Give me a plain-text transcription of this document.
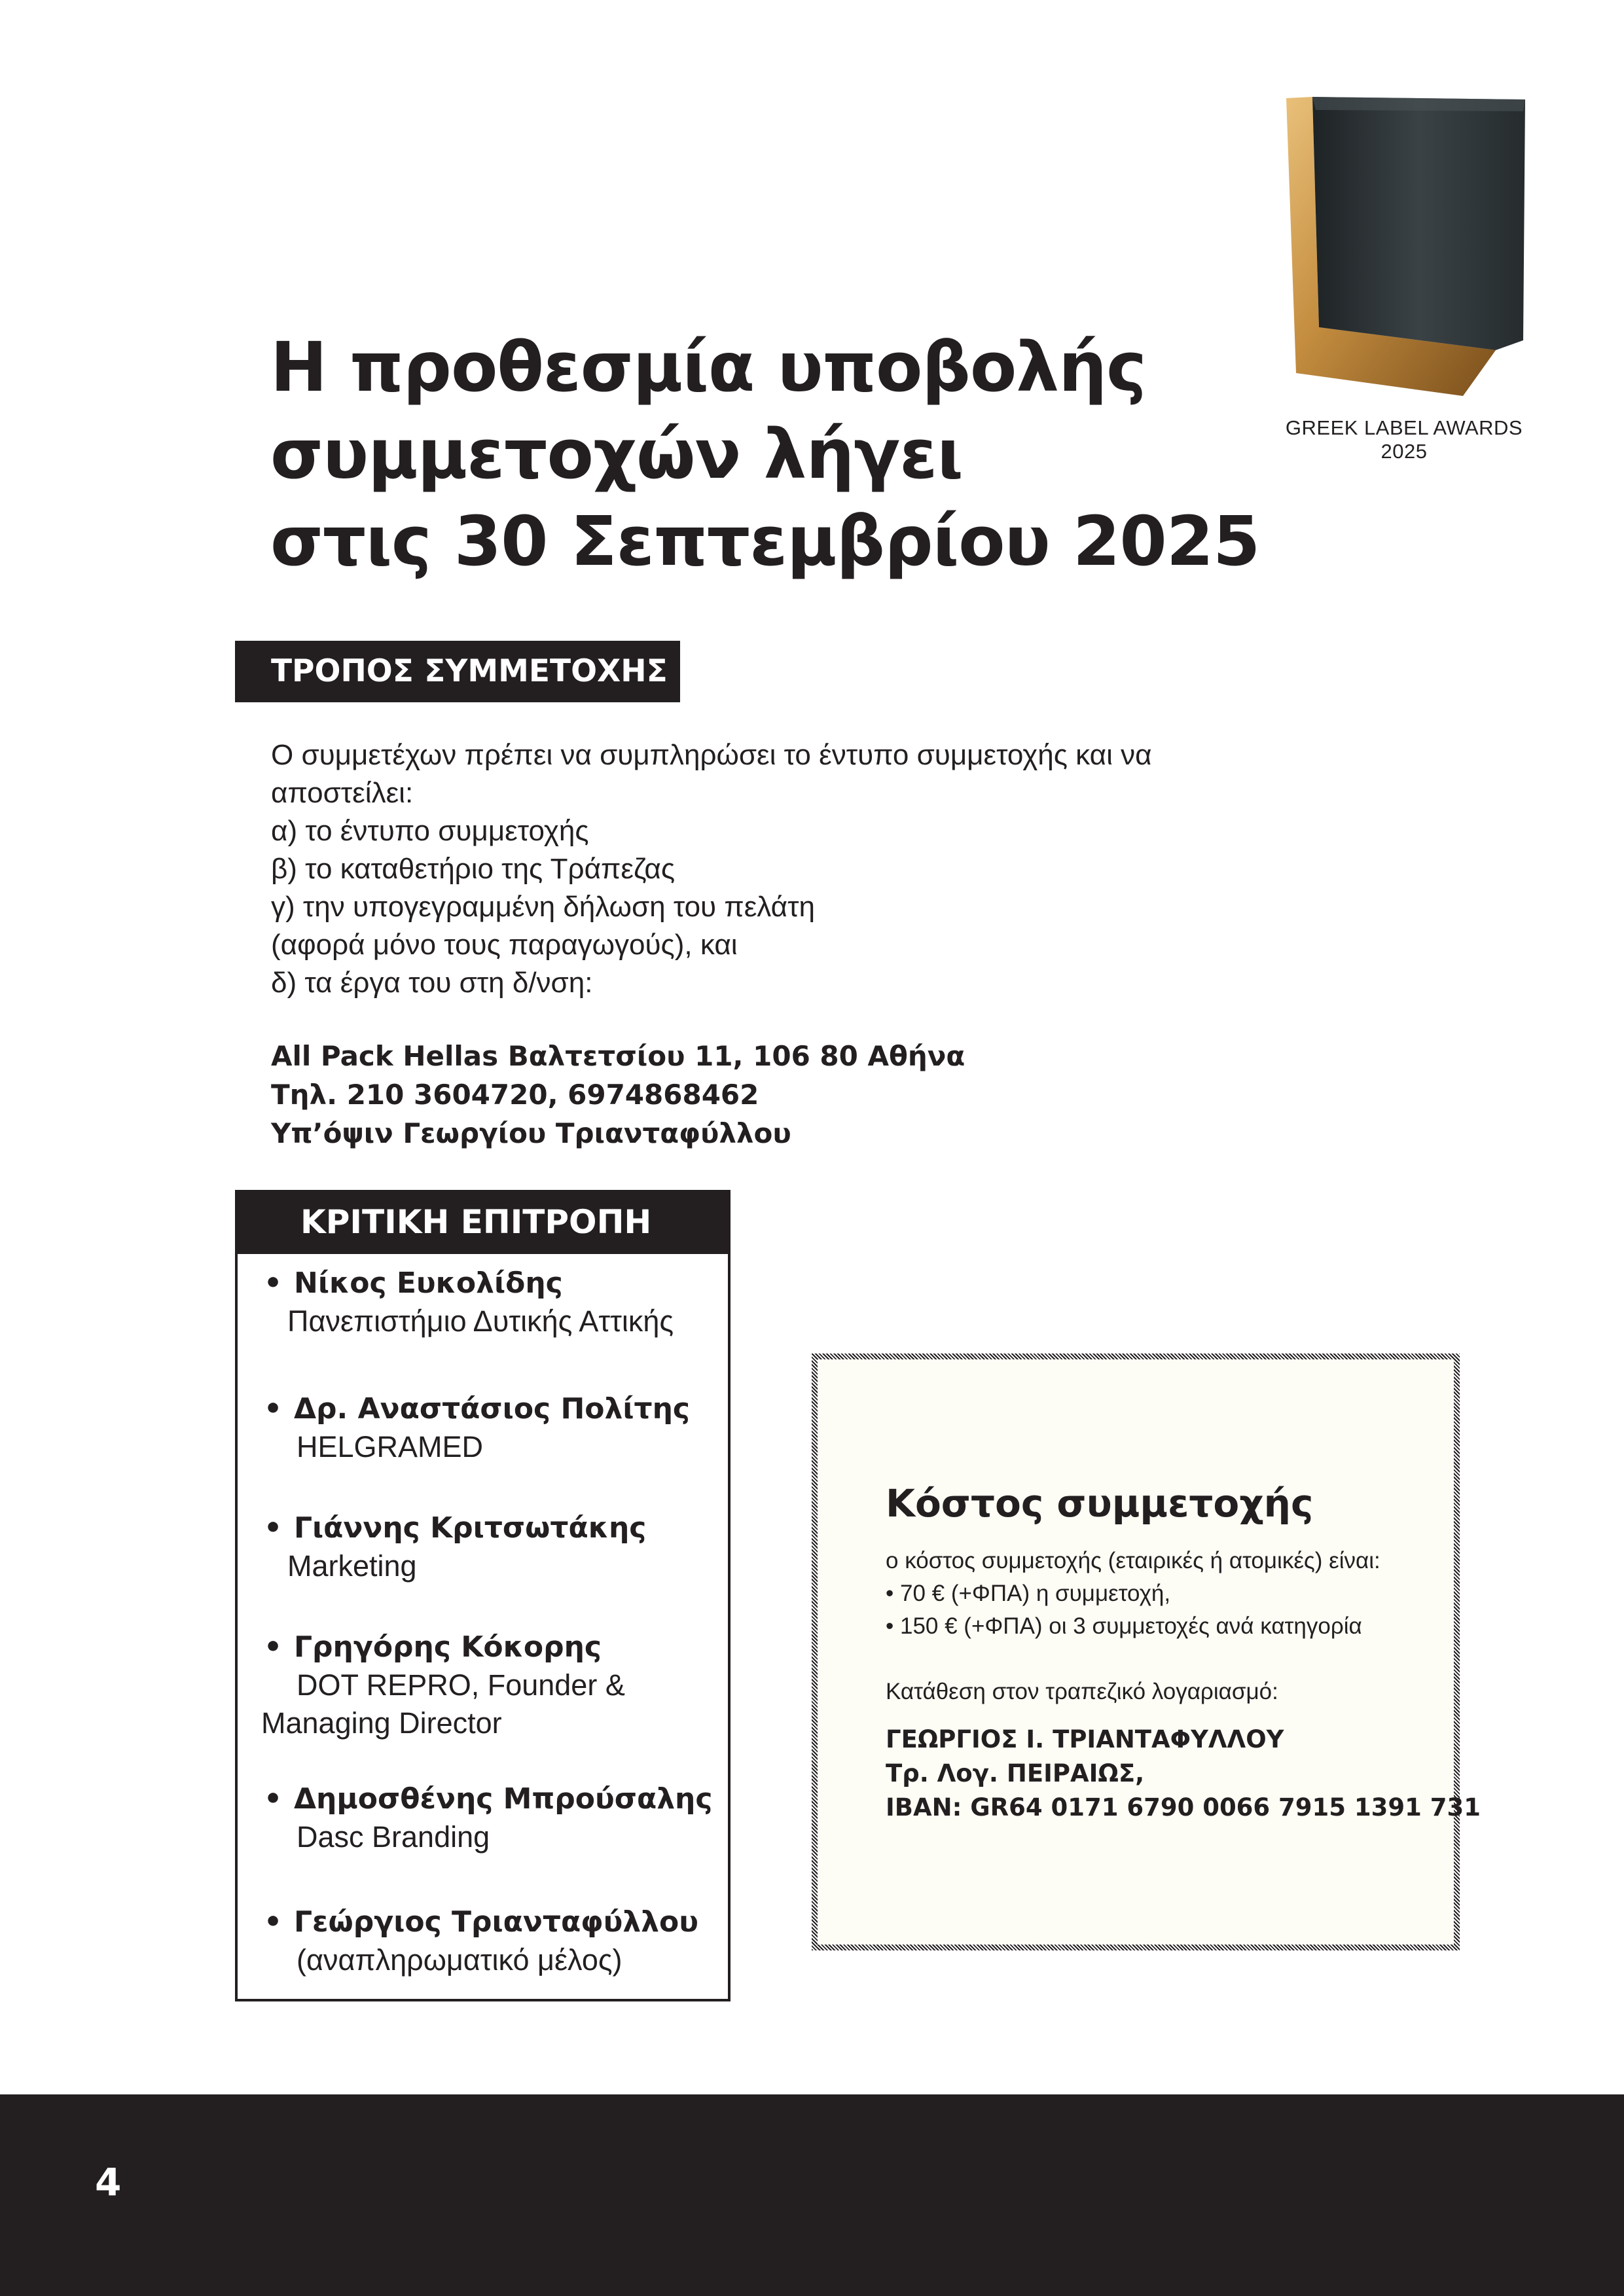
GREEK LABEL AWARDS 2025
Η προθεσμία υποβολής
συμμετοχών λήγει
στις 30 Σεπτεμβρίου 2025
ΤΡΟΠΟΣ ΣΥΜΜΕΤΟΧΗΣ
Ο συμμετέχων πρέπει να συμπληρώσει το έντυπο συμμετοχής και να
αποστείλει:
α) το έντυπο συμμετοχής
β) το καταθετήριο της Τράπεζας
γ) την υπογεγραμμένη δήλωση του πελάτη
(αφορά μόνο τους παραγωγούς), και
δ) τα έργα του στη δ/νση:
All Pack Hellas Βαλτετσίου 11, 106 80 Αθήνα
Τηλ. 210 3604720, 6974868462
Υπ’όψιν Γεωργίου Τριανταφύλλου
ΚΡΙΤΙΚΗ ΕΠΙΤΡΟΠΗ
• Νίκος Ευκολίδης
Πανεπιστήμιο Δυτικής Αττικής
• Δρ. Αναστάσιος Πολίτης
HELGRAMED
• Γιάννης Κριτσωτάκης
Marketing
• Γρηγόρης Κόκορης
DOT REPRO, Founder &
Managing Director
• Δημοσθένης Μπρούσαλης
Dasc Branding
• Γεώργιος Τριανταφύλλου
(αναπληρωματικό μέλος)
Κόστος συμμετοχής
ο κόστος συμμετοχής (εταιρικές ή ατομικές) είναι:
• 70 € (+ΦΠΑ) η συμμετοχή,
• 150 € (+ΦΠΑ) οι 3 συμμετοχές ανά κατηγορία
Κατάθεση στον τραπεζικό λογαριασμό:
ΓΕΩΡΓΙΟΣ Ι. ΤΡΙΑΝΤΑΦΥΛΛΟΥ
Τρ. Λογ. ΠΕΙΡΑΙΩΣ,
IBAN: GR64 0171 6790 0066 7915 1391 731
4
